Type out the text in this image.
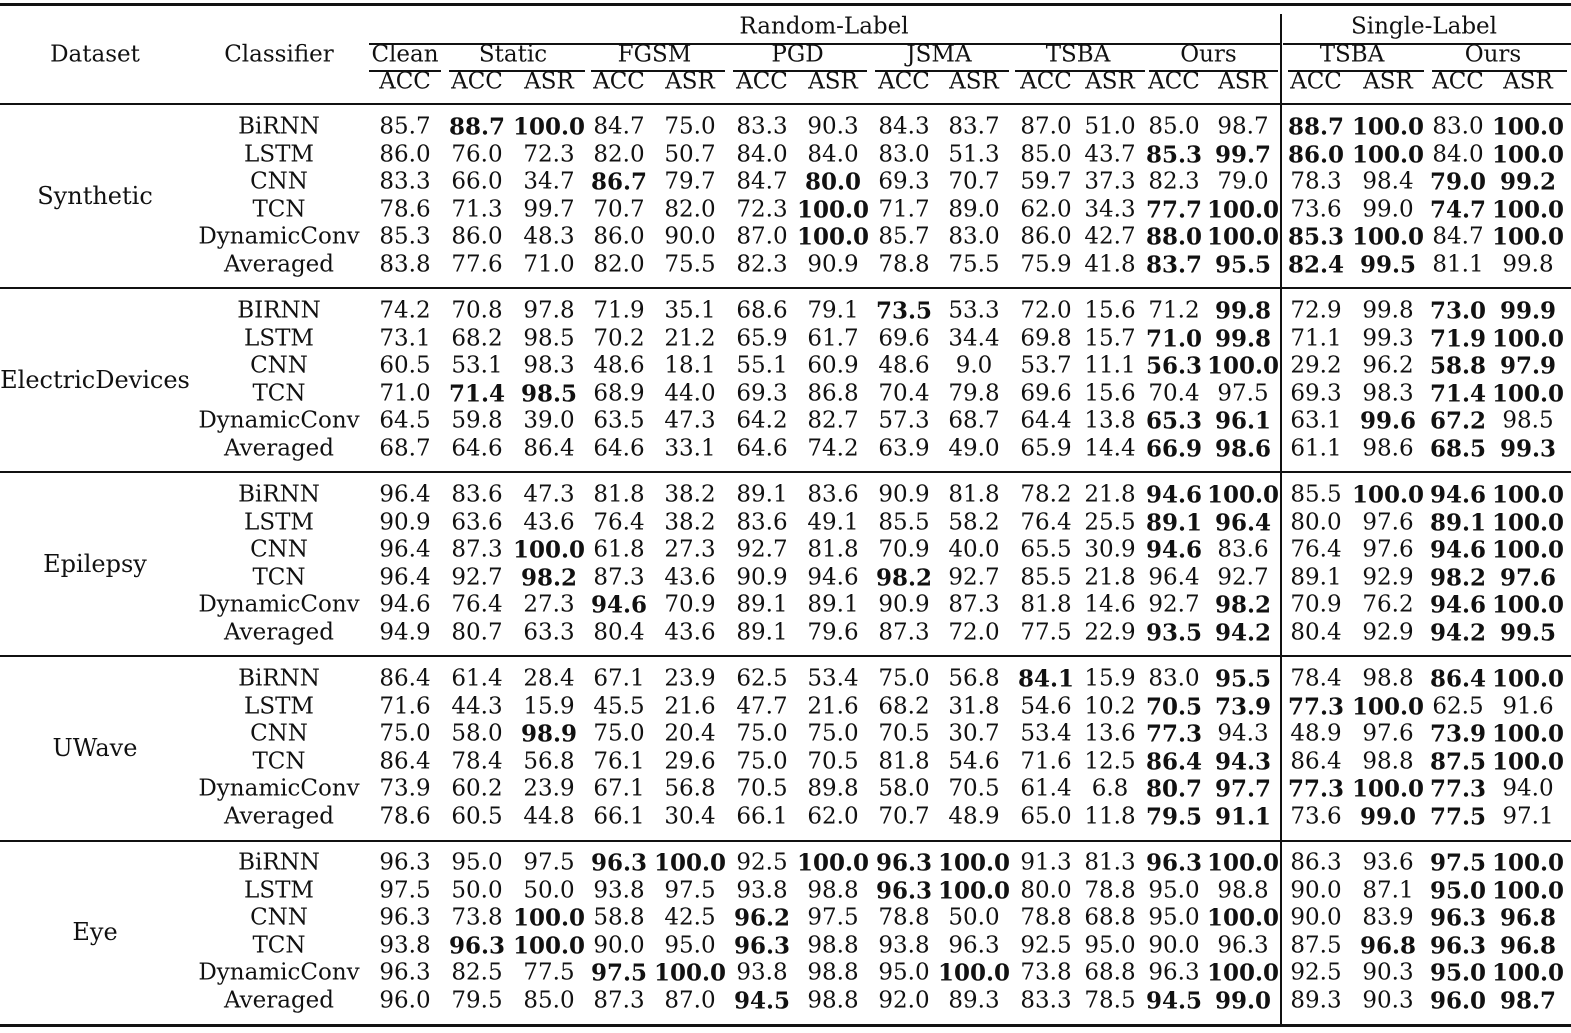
Dataset	Classifier
Random-Label	Single-Label
Clean Static	FGSM	PGD	JSMA	TSBA	Ours	TSBA	Ours
ACC ACC ASR ACC ASR ACC ASR ACC ASR ACC ASR ACC ASR ACC ASR ACC ASR
Synthetic
BiRNN	85.7 88.7 100.0 84.7 75.0 83.3 90.3 84.3 83.7 87.0 51.0 85.0 98.7 88.7 100.0 83.0 100.0
LSTM	86.0 76.0 72.3 82.0 50.7 84.0 84.0 83.0 51.3 85.0 43.7 85.3 99.7 86.0 100.0 84.0 100.0
CNN	83.3 66.0 34.7 86.7 79.7 84.7 80.0 69.3 70.7 59.7 37.3 82.3 79.0 78.3 98.4 79.0 99.2
TCN	78.6 71.3 99.7 70.7 82.0 72.3 100.0 71.7 89.0 62.0 34.3 77.7 100.0 73.6 99.0 74.7 100.0
DynamicConv 85.3 86.0 48.3 86.0 90.0 87.0 100.0 85.7 83.0 86.0 42.7 88.0 100.0 85.3 100.0 84.7 100.0
Averaged 83.8 77.6 71.0 82.0 75.5 82.3 90.9 78.8 75.5 75.9 41.8 83.7 95.5 82.4 99.5 81.1 99.8
ElectricDevices
BIRNN	74.2 70.8 97.8 71.9 35.1 68.6 79.1 73.5 53.3 72.0 15.6 71.2 99.8 72.9 99.8 73.0 99.9
LSTM	73.1 68.2 98.5 70.2 21.2 65.9 61.7 69.6 34.4 69.8 15.7 71.0 99.8 71.1 99.3 71.9 100.0
CNN	60.5 53.1 98.3 48.6 18.1 55.1 60.9 48.6 9.0 53.7 11.1 56.3 100.0 29.2 96.2 58.8 97.9
TCN	71.0 71.4 98.5 68.9 44.0 69.3 86.8 70.4 79.8 69.6 15.6 70.4 97.5 69.3 98.3 71.4 100.0
DynamicConv 64.5 59.8 39.0 63.5 47.3 64.2 82.7 57.3 68.7 64.4 13.8 65.3 96.1 63.1 99.6 67.2 98.5
Averaged 68.7 64.6 86.4 64.6 33.1 64.6 74.2 63.9 49.0 65.9 14.4 66.9 98.6 61.1 98.6 68.5 99.3
Epilepsy
BiRNN	96.4 83.6 47.3 81.8 38.2 89.1 83.6 90.9 81.8 78.2 21.8 94.6 100.0 85.5 100.0 94.6 100.0
LSTM	90.9 63.6 43.6 76.4 38.2 83.6 49.1 85.5 58.2 76.4 25.5 89.1 96.4 80.0 97.6 89.1 100.0
CNN	96.4 87.3 100.0 61.8 27.3 92.7 81.8 70.9 40.0 65.5 30.9 94.6 83.6 76.4 97.6 94.6 100.0
TCN	96.4 92.7 98.2 87.3 43.6 90.9 94.6 98.2 92.7 85.5 21.8 96.4 92.7 89.1 92.9 98.2 97.6
DynamicConv 94.6 76.4 27.3 94.6 70.9 89.1 89.1 90.9 87.3 81.8 14.6 92.7 98.2 70.9 76.2 94.6 100.0
Averaged 94.9 80.7 63.3 80.4 43.6 89.1 79.6 87.3 72.0 77.5 22.9 93.5 94.2 80.4 92.9 94.2 99.5
UWave
BiRNN	86.4 61.4 28.4 67.1 23.9 62.5 53.4 75.0 56.8 84.1 15.9 83.0 95.5 78.4 98.8 86.4 100.0
LSTM	71.6 44.3 15.9 45.5 21.6 47.7 21.6 68.2 31.8 54.6 10.2 70.5 73.9 77.3 100.0 62.5 91.6
CNN	75.0 58.0 98.9 75.0 20.4 75.0 75.0 70.5 30.7 53.4 13.6 77.3 94.3 48.9 97.6 73.9 100.0
TCN	86.4 78.4 56.8 76.1 29.6 75.0 70.5 81.8 54.6 71.6 12.5 86.4 94.3 86.4 98.8 87.5 100.0
DynamicConv 73.9 60.2 23.9 67.1 56.8 70.5 89.8 58.0 70.5 61.4 6.8 80.7 97.7 77.3 100.0 77.3 94.0
Averaged 78.6 60.5 44.8 66.1 30.4 66.1 62.0 70.7 48.9 65.0 11.8 79.5 91.1 73.6 99.0 77.5 97.1
Eye
BiRNN	96.3 95.0 97.5 96.3 100.0 92.5 100.0 96.3 100.0 91.3 81.3 96.3 100.0 86.3 93.6 97.5 100.0
LSTM	97.5 50.0 50.0 93.8 97.5 93.8 98.8 96.3 100.0 80.0 78.8 95.0 98.8 90.0 87.1 95.0 100.0
CNN	96.3 73.8 100.0 58.8 42.5 96.2 97.5 78.8 50.0 78.8 68.8 95.0 100.0 90.0 83.9 96.3 96.8
TCN	93.8 96.3 100.0 90.0 95.0 96.3 98.8 93.8 96.3 92.5 95.0 90.0 96.3 87.5 96.8 96.3 96.8
DynamicConv 96.3 82.5 77.5 97.5 100.0 93.8 98.8 95.0 100.0 73.8 68.8 96.3 100.0 92.5 90.3 95.0 100.0
Averaged 96.0 79.5 85.0 87.3 87.0 94.5 98.8 92.0 89.3 83.3 78.5 94.5 99.0 89.3 90.3 96.0 98.7
